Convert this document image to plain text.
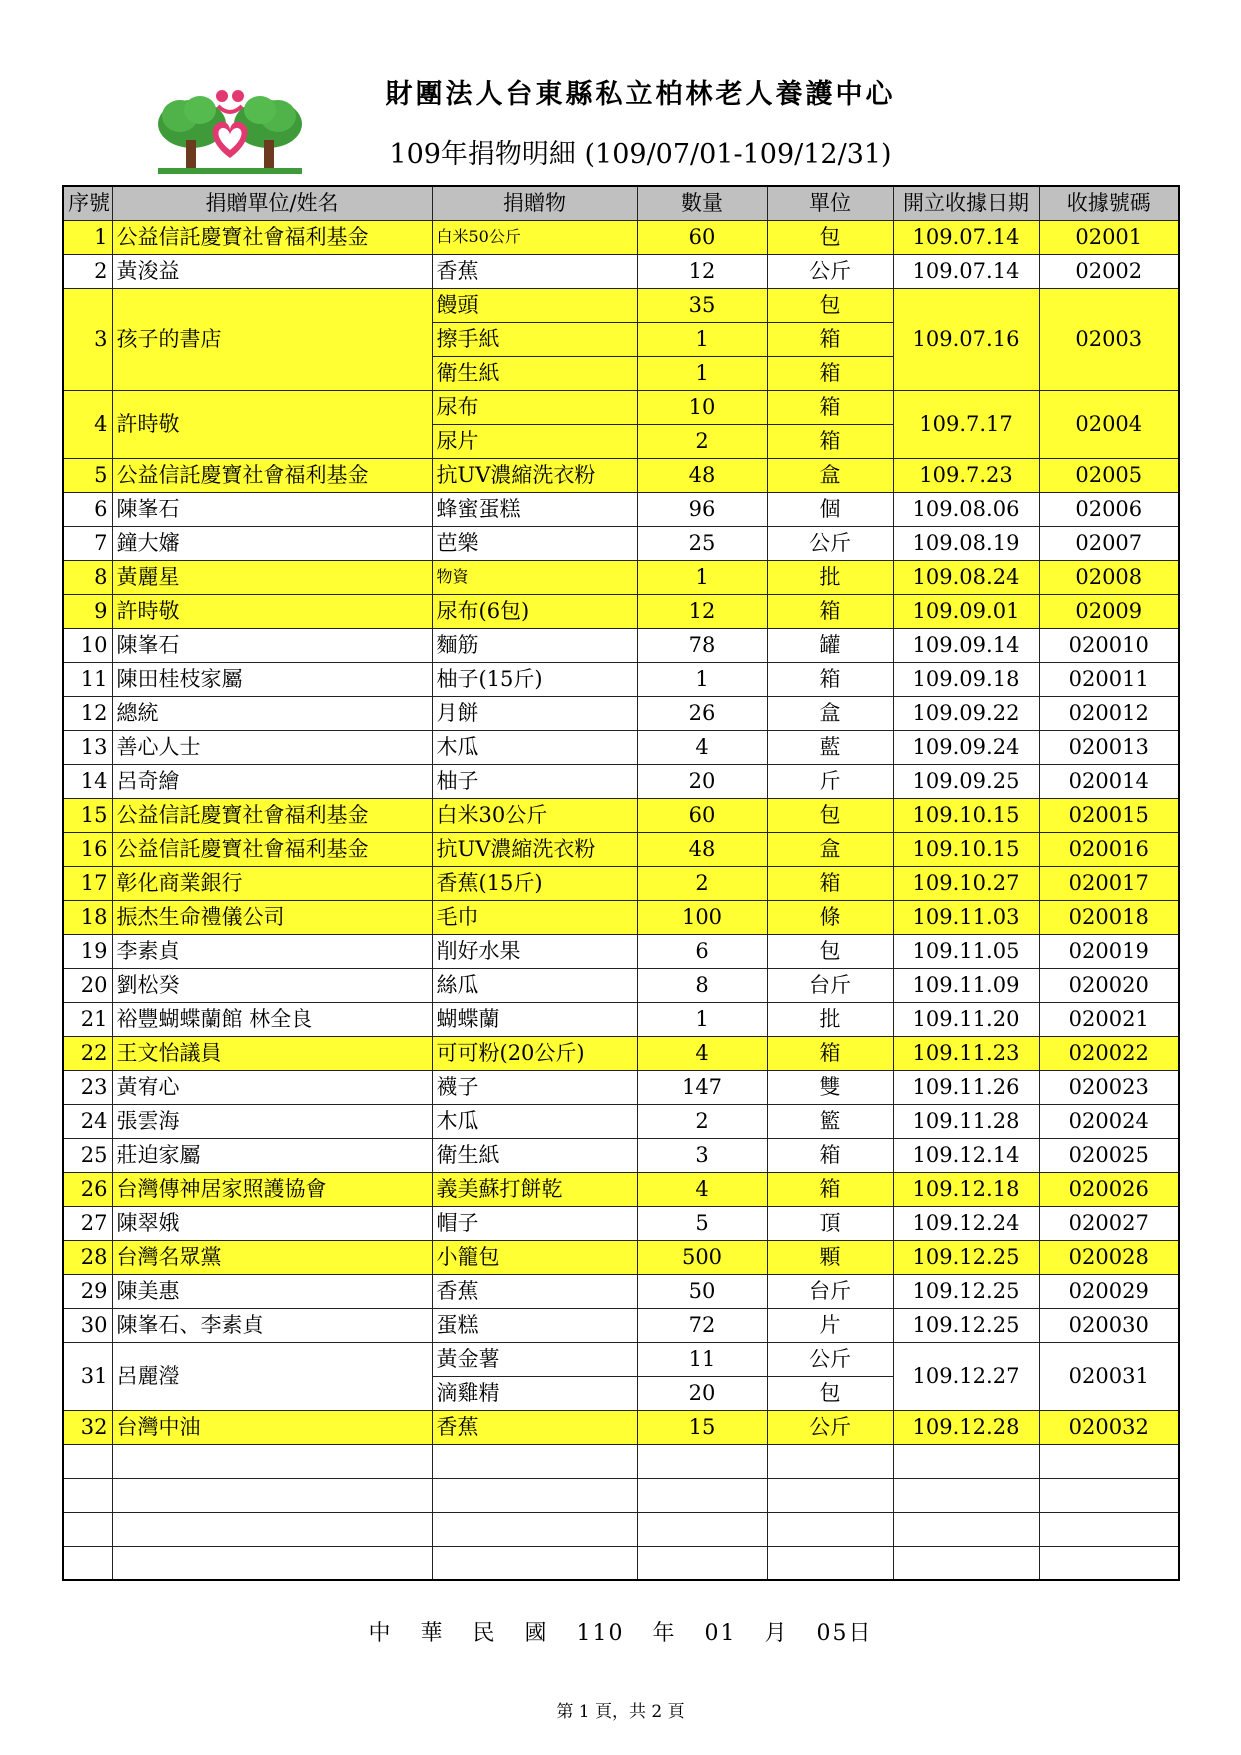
財團法人台東縣私立柏林老人養護中心
109年捐物明細 (109/07/01-109/12/31)
序號	捐贈單位/姓名	捐贈物	數量	單位	開立收據日期	收據號碼
1	公益信託慶寶社會福利基金	白米50公斤	60	包	109.07.14	02001
2	黃浚益	香蕉	12	公斤	109.07.14	02002
3	孩子的書店	饅頭	35	包	109.07.16	02003
		擦手紙	1	箱		
		衛生紙	1	箱		
4	許時敬	尿布	10	箱	109.7.17	02004
		尿片	2	箱		
5	公益信託慶寶社會福利基金	抗UV濃縮洗衣粉	48	盒	109.7.23	02005
6	陳峯石	蜂蜜蛋糕	96	個	109.08.06	02006
7	鐘大嬸	芭樂	25	公斤	109.08.19	02007
8	黃麗星	物資	1	批	109.08.24	02008
9	許時敬	尿布(6包)	12	箱	109.09.01	02009
10	陳峯石	麵筋	78	罐	109.09.14	020010
11	陳田桂枝家屬	柚子(15斤)	1	箱	109.09.18	020011
12	總統	月餅	26	盒	109.09.22	020012
13	善心人士	木瓜	4	藍	109.09.24	020013
14	呂奇繪	柚子	20	斤	109.09.25	020014
15	公益信託慶寶社會福利基金	白米30公斤	60	包	109.10.15	020015
16	公益信託慶寶社會福利基金	抗UV濃縮洗衣粉	48	盒	109.10.15	020016
17	彰化商業銀行	香蕉(15斤)	2	箱	109.10.27	020017
18	振杰生命禮儀公司	毛巾	100	條	109.11.03	020018
19	李素貞	削好水果	6	包	109.11.05	020019
20	劉松癸	絲瓜	8	台斤	109.11.09	020020
21	裕豐蝴蝶蘭館 林全良	蝴蝶蘭	1	批	109.11.20	020021
22	王文怡議員	可可粉(20公斤)	4	箱	109.11.23	020022
23	黃宥心	襪子	147	雙	109.11.26	020023
24	張雲海	木瓜	2	籃	109.11.28	020024
25	莊迫家屬	衛生紙	3	箱	109.12.14	020025
26	台灣傳神居家照護協會	義美蘇打餅乾	4	箱	109.12.18	020026
27	陳翠娥	帽子	5	頂	109.12.24	020027
28	台灣名眾黨	小籠包	500	顆	109.12.25	020028
29	陳美惠	香蕉	50	台斤	109.12.25	020029
30	陳峯石、李素貞	蛋糕	72	片	109.12.25	020030
31	呂麗瀅	黃金薯	11	公斤	109.12.27	020031
		滴雞精	20	包		
32	台灣中油	香蕉	15	公斤	109.12.28	020032

中 華 民 國 110 年 01 月 05日
第 1 頁，共 2 頁
